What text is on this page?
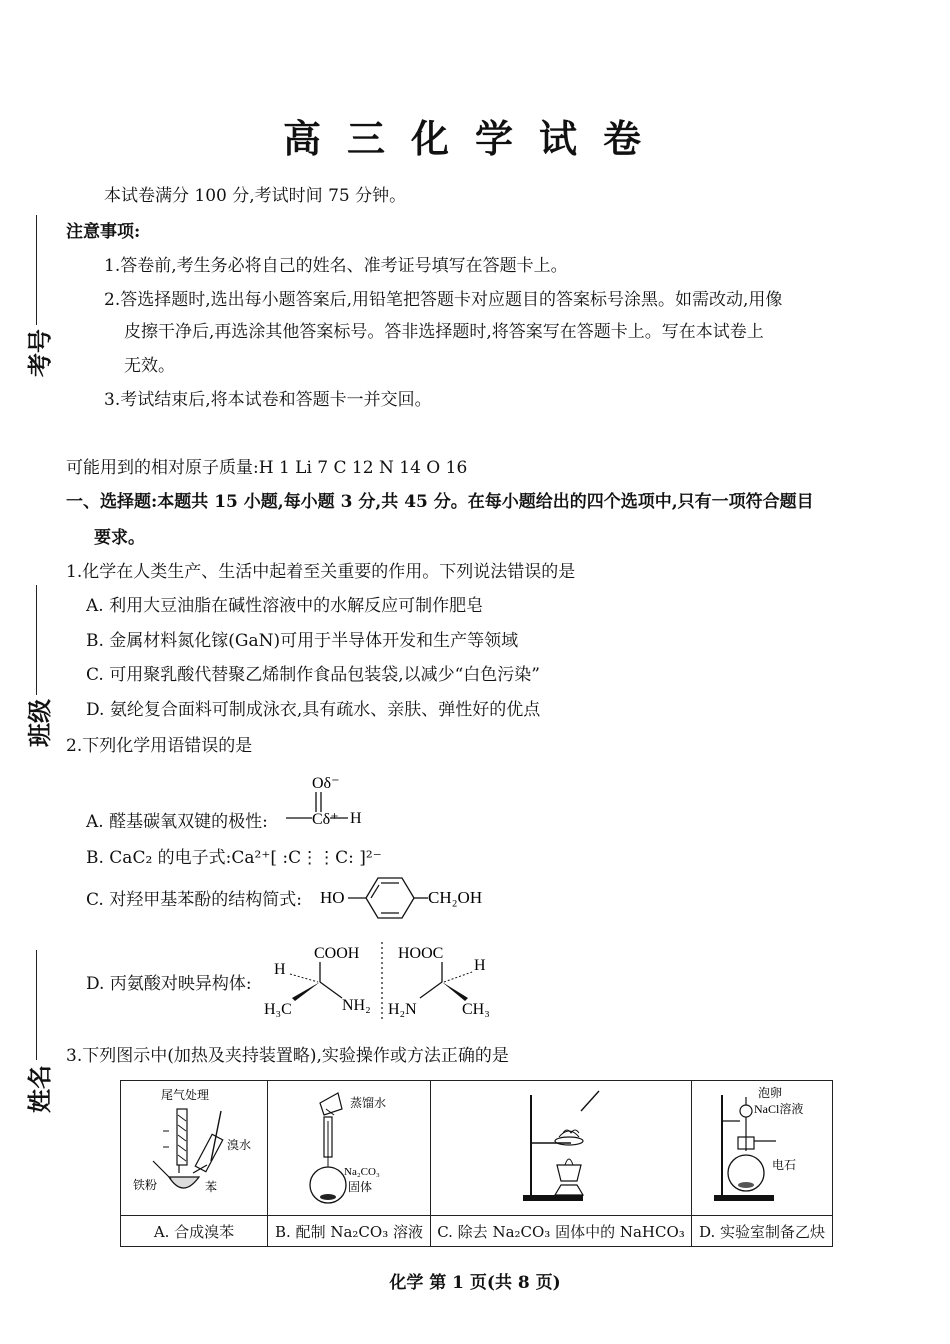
高三化学试卷
考号
班级
姓名
本试卷满分 100 分,考试时间 75 分钟。
注意事项:
1.答卷前,考生务必将自己的姓名、准考证号填写在答题卡上。
2.答选择题时,选出每小题答案后,用铅笔把答题卡对应题目的答案标号涂黑。如需改动,用像
皮擦干净后,再选涂其他答案标号。答非选择题时,将答案写在答题卡上。写在本试卷上
无效。
3.考试结束后,将本试卷和答题卡一并交回。
可能用到的相对原子质量:H 1 Li 7 C 12 N 14 O 16
一、选择题:本题共 15 小题,每小题 3 分,共 45 分。在每小题给出的四个选项中,只有一项符合题目
要求。
1.化学在人类生产、生活中起着至关重要的作用。下列说法错误的是
A. 利用大豆油脂在碱性溶液中的水解反应可制作肥皂
B. 金属材料氮化镓(GaN)可用于半导体开发和生产等领域
C. 可用聚乳酸代替聚乙烯制作食品包装袋,以减少“白色污染”
D. 氨纶复合面料可制成泳衣,具有疏水、亲肤、弹性好的优点
2.下列化学用语错误的是
A. 醛基碳氧双键的极性:
Oδ⁻
Cδ⁺ H
B. CaC₂ 的电子式:Ca²⁺[ :C⋮⋮C: ]²⁻
C. 对羟甲基苯酚的结构简式: HO	CH₂OH
D. 丙氨酸对映异构体:
COOH
H
H₃C	NH₂
HOOC
H
H₂N	CH₃
3.下列图示中(加热及夹持装置略),实验操作或方法正确的是
尾气处理
溴水
铁粉 苯	蒸馏水
Na₂CO₃
固体		泡卵
NaCl溶液
电石

A. 合成溴苯	B. 配制 Na₂CO₃ 溶液	C. 除去 Na₂CO₃ 固体中的 NaHCO₃	D. 实验室制备乙炔
化学 第 1 页(共 8 页)
